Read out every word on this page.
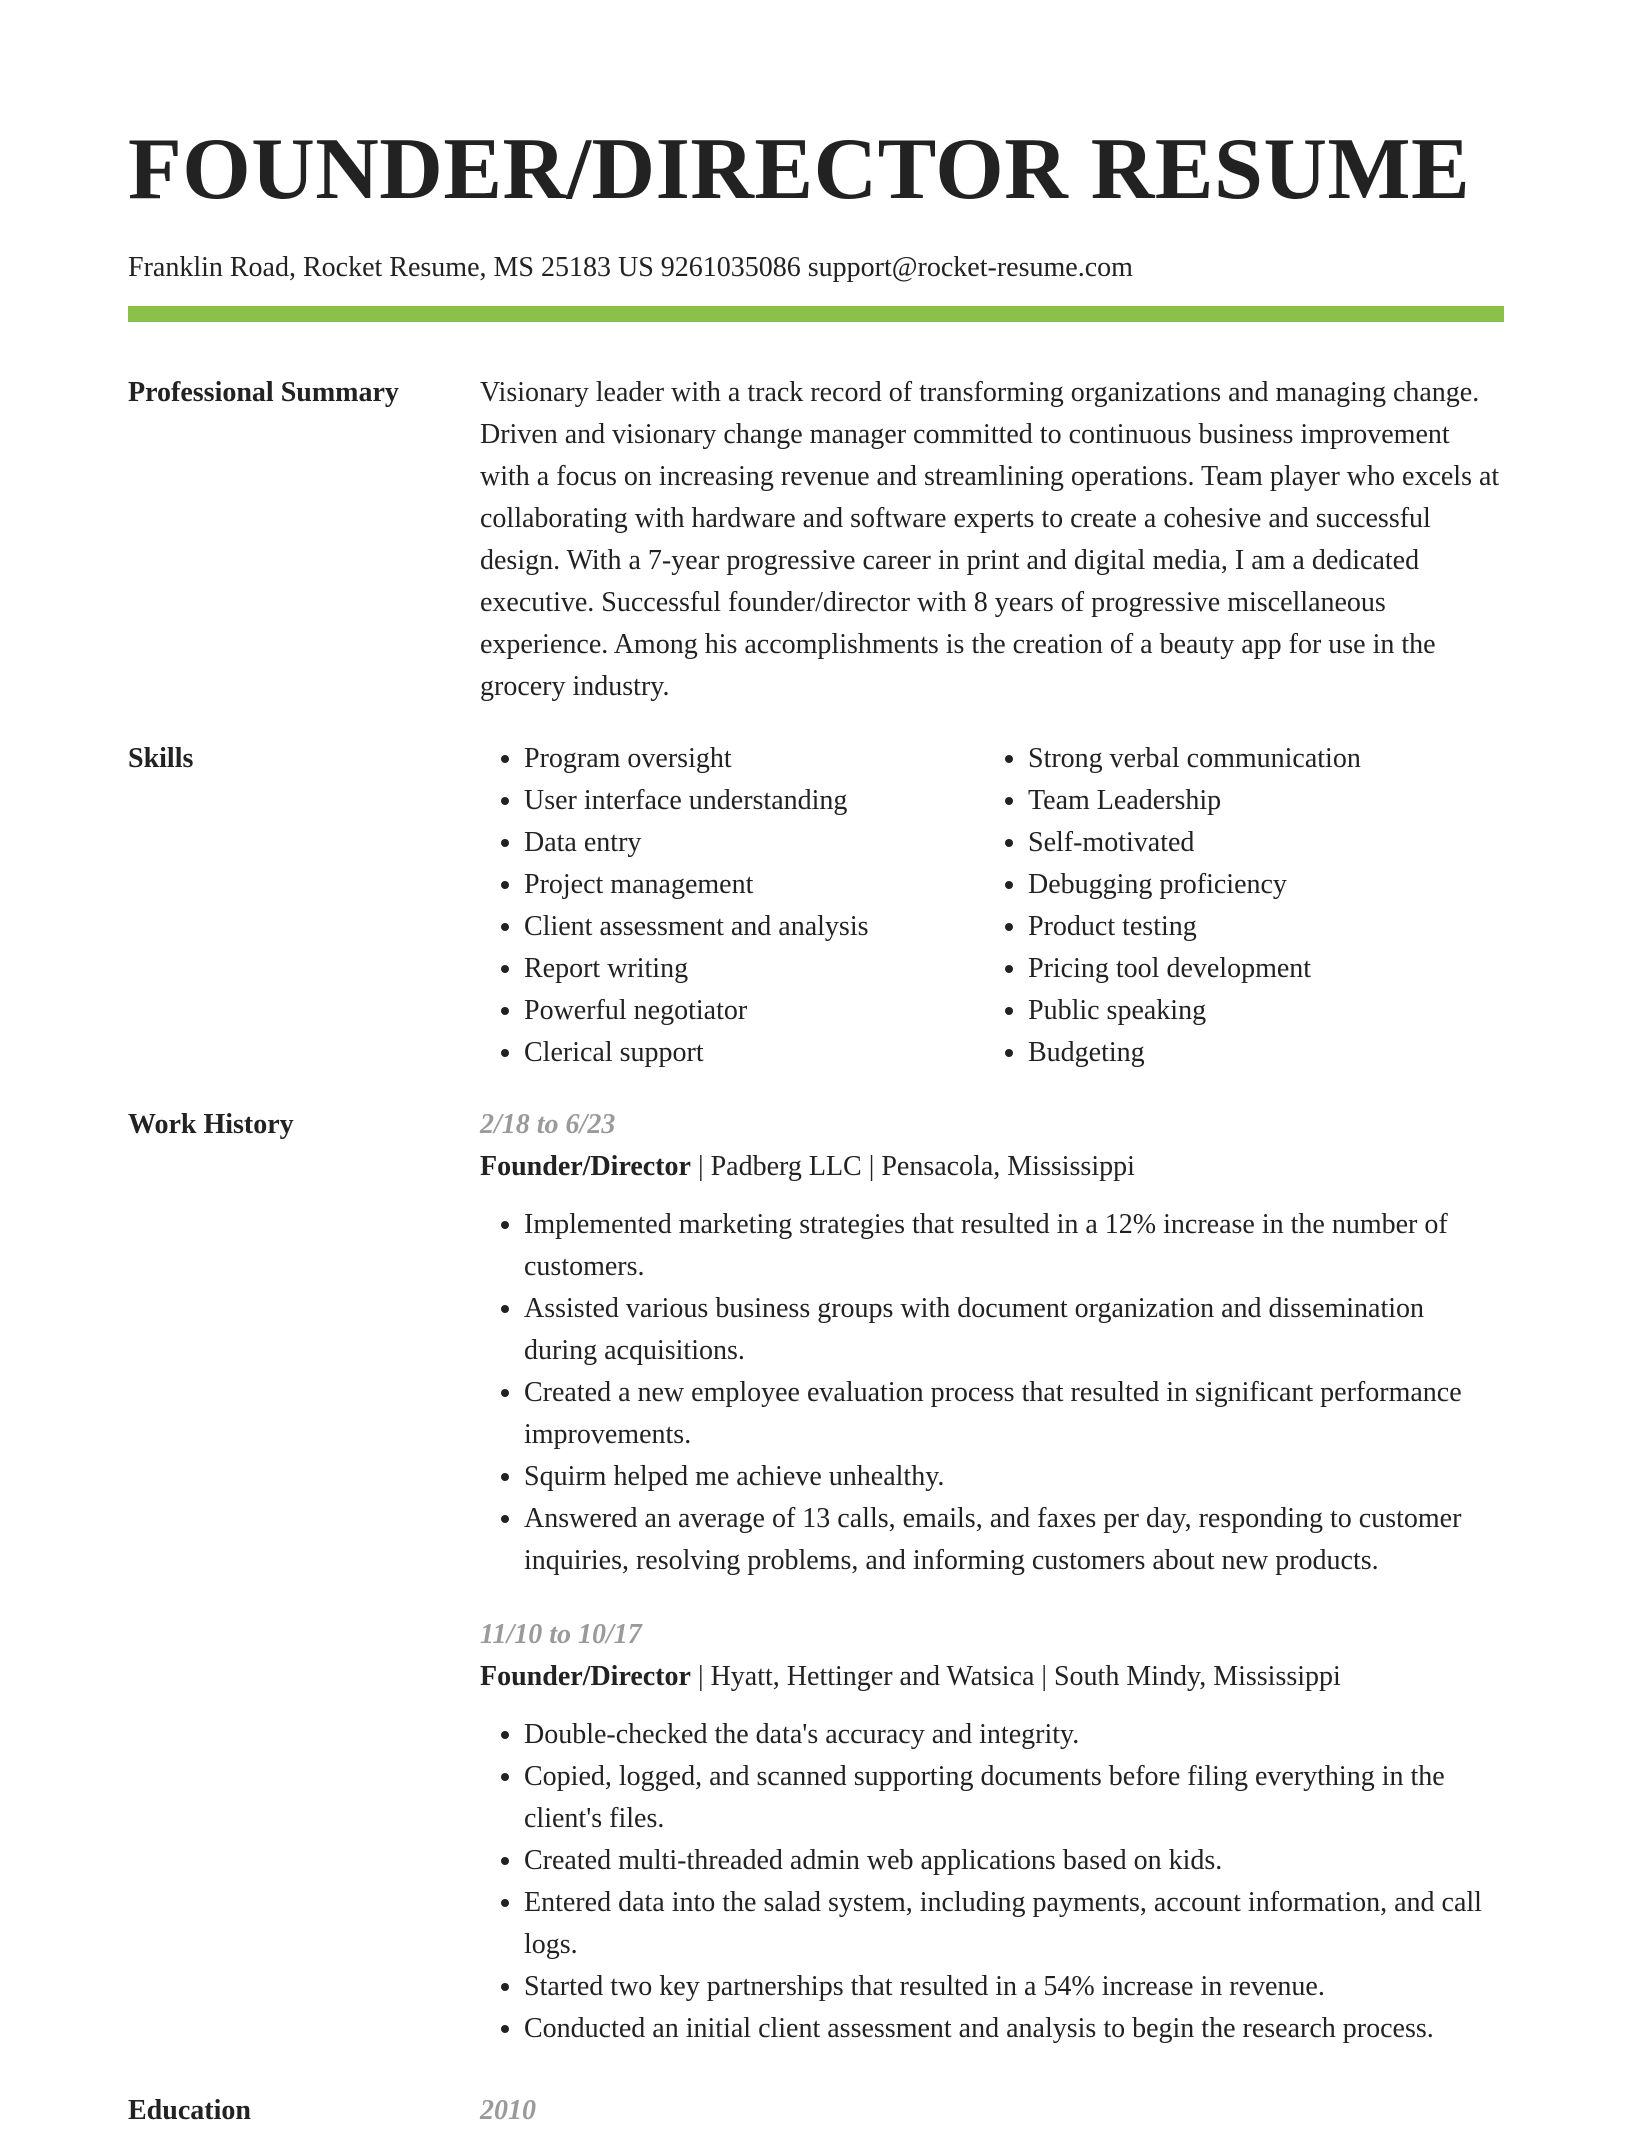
FOUNDER/DIRECTOR RESUME
Franklin Road, Rocket Resume, MS 25183 US 9261035086 support@rocket-resume.com
Professional Summary	Visionary leader with a track record of transforming organizations and managing change. Driven and visionary change manager committed to continuous business improvement with a focus on increasing revenue and streamlining operations. Team player who excels at collaborating with hardware and software experts to create a cohesive and successful design. With a 7-year progressive career in print and digital media, I am a dedicated executive. Successful founder/director with 8 years of progressive miscellaneous experience. Among his accomplishments is the creation of a beauty app for use in the grocery industry.

Skills
•	Program oversight
• User interface understanding
• Data entry
• Project management
• Client assessment and analysis
• Report writing
• Powerful negotiator
• Clerical support
• Strong verbal communication
• Team Leadership
• Self-motivated
• Debugging proficiency
• Product testing
• Pricing tool development
• Public speaking
• Budgeting
Work History	2/18 to 6/23
Founder/Director | Padberg LLC | Pensacola, Mississippi
• Implemented marketing strategies that resulted in a 12% increase in the number of customers.
• Assisted various business groups with document organization and dissemination during acquisitions.
• Created a new employee evaluation process that resulted in significant performance improvements.
• Squirm helped me achieve unhealthy.
• Answered an average of 13 calls, emails, and faxes per day, responding to customer inquiries, resolving problems, and informing customers about new products.
11/10 to 10/17
Founder/Director | Hyatt, Hettinger and Watsica | South Mindy, Mississippi
• Double-checked the data's accuracy and integrity.
• Copied, logged, and scanned supporting documents before filing everything in the client's files.
• Created multi-threaded admin web applications based on kids.
• Entered data into the salad system, including payments, account information, and call logs.
• Started two key partnerships that resulted in a 54% increase in revenue.
• Conducted an initial client assessment and analysis to begin the research process.
Education	2010
